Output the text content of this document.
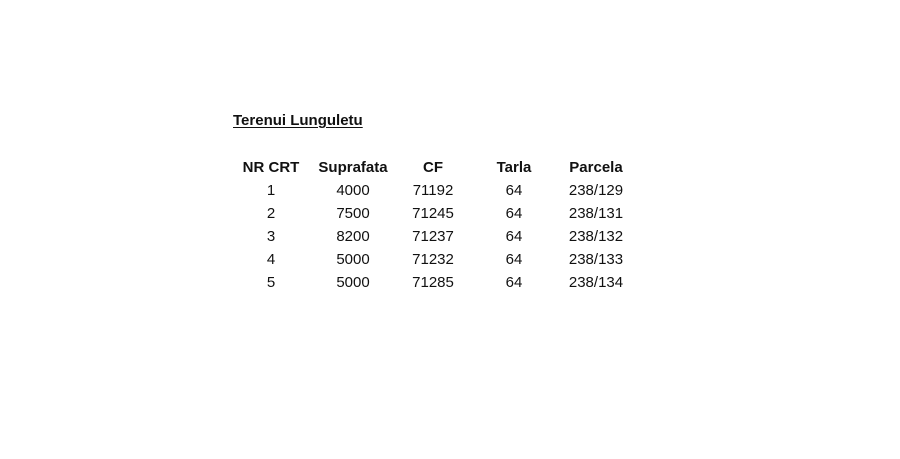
Terenui Lunguletu
NR CRT	Suprafata	CF	Tarla	Parcela
1	4000	71192	64	238/129
2	7500	71245	64	238/131
3	8200	71237	64	238/132
4	5000	71232	64	238/133
5	5000	71285	64	238/134
